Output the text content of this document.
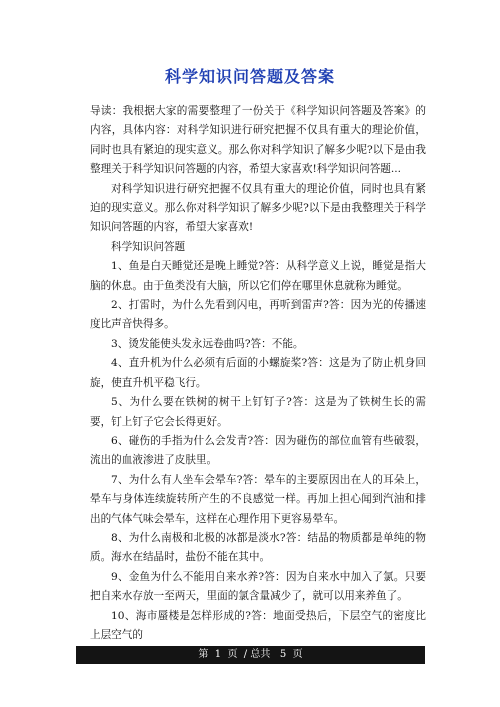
科学知识问答题及答案

导读：我根据大家的需要整理了一份关于《科学知识问答题及答案》的内容，具体内容：对科学知识进行研究把握不仅具有重大的理论价值，同时也具有紧迫的现实意义。那么你对科学知识了解多少呢?以下是由我整理关于科学知识问答题的内容，希望大家喜欢!科学知识问答题...

对科学知识进行研究把握不仅具有重大的理论价值，同时也具有紧迫的现实意义。那么你对科学知识了解多少呢?以下是由我整理关于科学知识问答题的内容，希望大家喜欢!

科学知识问答题

1、鱼是白天睡觉还是晚上睡觉?答：从科学意义上说，睡觉是指大脑的休息。由于鱼类没有大脑，所以它们停在哪里休息就称为睡觉。

2、打雷时，为什么先看到闪电，再听到雷声?答：因为光的传播速度比声音快得多。

3、烫发能使头发永远卷曲吗?答：不能。

4、直升机为什么必须有后面的小螺旋桨?答：这是为了防止机身回旋，使直升机平稳飞行。

5、为什么要在铁树的树干上钉钉子?答：这是为了铁树生长的需要，钉上钉子它会长得更好。

6、碰伤的手指为什么会发青?答：因为碰伤的部位血管有些破裂，流出的血液渗进了皮肤里。

7、为什么有人坐车会晕车?答：晕车的主要原因出在人的耳朵上，晕车与身体连续旋转所产生的不良感觉一样。再加上担心闻到汽油和排出的气体气味会晕车，这样在心理作用下更容易晕车。

8、为什么南极和北极的冰都是淡水?答：结晶的物质都是单纯的物质。海水在结晶时，盐份不能在其中。

9、金鱼为什么不能用自来水养?答：因为自来水中加入了氯。只要把自来水存放一至两天，里面的氯含量减少了，就可以用来养鱼了。

10、海市蜃楼是怎样形成的?答：地面受热后，下层空气的密度比上层空气的

第 1 页 / 总共 5 页
